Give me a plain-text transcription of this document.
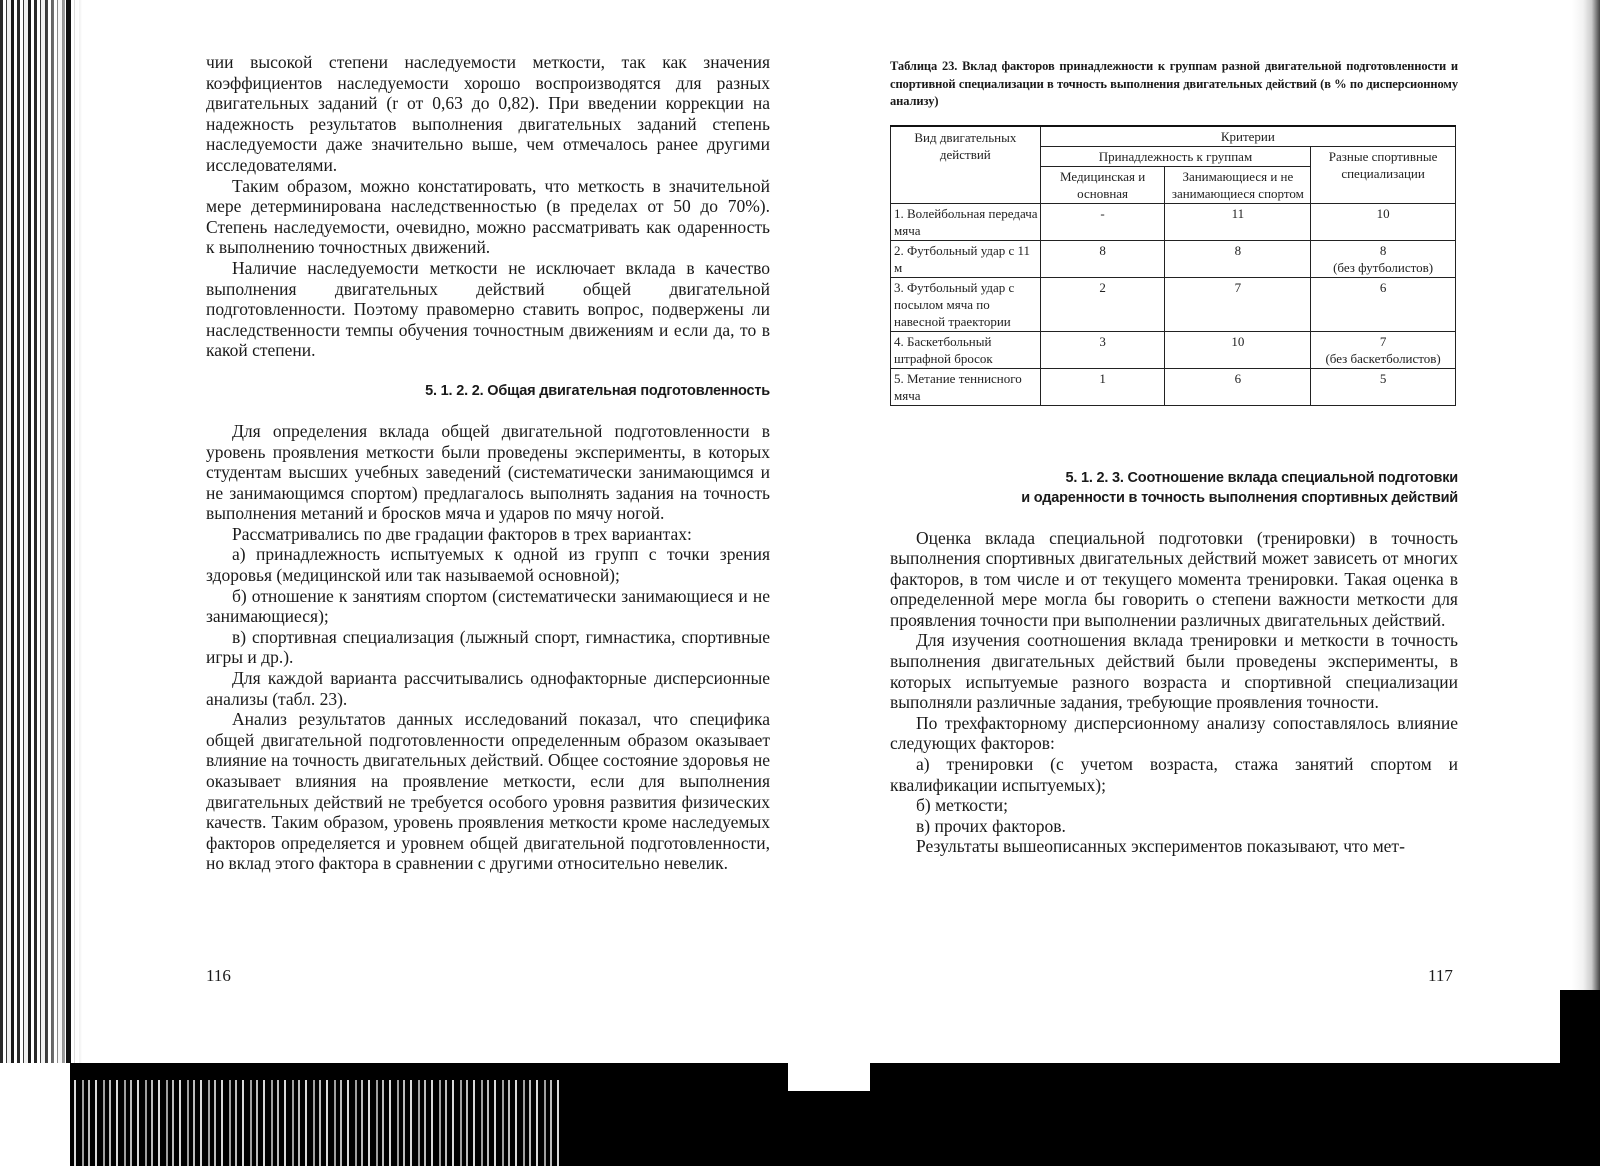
чии высокой степени наследуемости меткости, так как значения коэффициентов наследуемости хорошо воспроизводятся для разных двигательных заданий (r от 0,63 до 0,82). При введении коррекции на надежность результатов выполнения двигательных заданий степень наследуемости даже значительно выше, чем отмечалось ранее другими исследователями.

Таким образом, можно констатировать, что меткость в значительной мере детерминирована наследственностью (в пределах от 50 до 70%). Степень наследуемости, очевидно, можно рассматривать как одаренность к выполнению точностных движений.

Наличие наследуемости меткости не исключает вклада в качество выполнения двигательных действий общей двигательной подготовленности. Поэтому правомерно ставить вопрос, подвержены ли наследственности темпы обучения точностным движениям и если да, то в какой степени.

5. 1. 2. 2. Общая двигательная подготовленность

Для определения вклада общей двигательной подготовленности в уровень проявления меткости были проведены эксперименты, в которых студентам высших учебных заведений (систематически занимающимся и не занимающимся спортом) предлагалось выполнять задания на точность выполнения метаний и бросков мяча и ударов по мячу ногой.

Рассматривались по две градации факторов в трех вариантах:

а) принадлежность испытуемых к одной из групп с точки зрения здоровья (медицинской или так называемой основной);

б) отношение к занятиям спортом (систематически занимающиеся и не занимающиеся);

в) спортивная специализация (лыжный спорт, гимнастика, спортивные игры и др.).

Для каждой варианта рассчитывались однофакторные дисперсионные анализы (табл. 23).

Анализ результатов данных исследований показал, что специфика общей двигательной подготовленности определенным образом оказывает влияние на точность двигательных действий. Общее состояние здоровья не оказывает влияния на проявление меткости, если для выполнения двигательных действий не требуется особого уровня развития физических качеств. Таким образом, уровень проявления меткости кроме наследуемых факторов определяется и уровнем общей двигательной подготовленности, но вклад этого фактора в сравнении с другими относительно невелик.

116
Таблица 23. Вклад факторов принадлежности к группам разной двигательной подготовленности и спортивной специализации в точность выполнения двигательных действий (в % по дисперсионному анализу)
Вид двигательных действий	Критерии		
	Принадлежность к группам		Разные спортивные специализации
	Медицинская и основная	Занимающиеся и не занимающиеся спортом	
1. Волейбольная передача мяча	-	11	10

2. Футбольный удар с 11 м	8	8	8
(без футболистов)

3. Футбольный удар с посылом мяча по навесной траектории	2	7	6

4. Баскетбольный штрафной бросок	3	10	7
(без баскетболистов)

5. Метание теннисного мяча	1	6	5
5. 1. 2. 3. Соотношение вклада специальной подготовки
и одаренности в точность выполнения спортивных действий

Оценка вклада специальной подготовки (тренировки) в точность выполнения спортивных двигательных действий может зависеть от многих факторов, в том числе и от текущего момента тренировки. Такая оценка в определенной мере могла бы говорить о степени важности меткости для проявления точности при выполнении различных двигательных действий.

Для изучения соотношения вклада тренировки и меткости в точность выполнения двигательных действий были проведены эксперименты, в которых испытуемые разного возраста и спортивной специализации выполняли различные задания, требующие проявления точности.

По трехфакторному дисперсионному анализу сопоставлялось влияние следующих факторов:

а) тренировки (с учетом возраста, стажа занятий спортом и квалификации испытуемых);

б) меткости;

в) прочих факторов.

Результаты вышеописанных экспериментов показывают, что мет-

117
